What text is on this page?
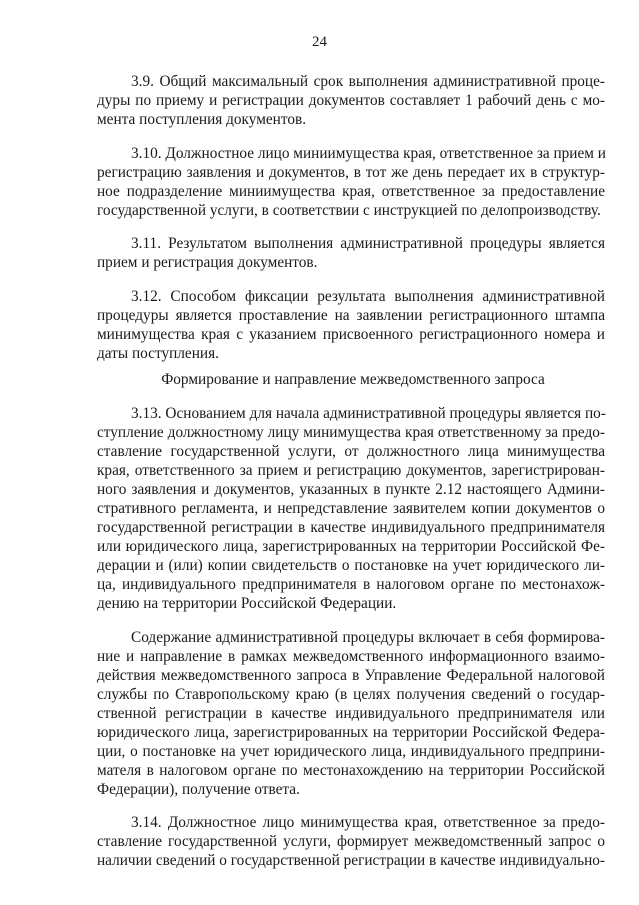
24
3.9. Общий максимальный срок выполнения административной проце-
дуры по приему и регистрации документов составляет 1 рабочий день с мо-
мента поступления документов.
3.10. Должностное лицо миниимущества края, ответственное за прием и
регистрацию заявления и документов, в тот же день передает их в структур-
ное подразделение миниимущества края, ответственное за предоставление
государственной услуги, в соответствии с инструкцией по делопроизводству.
3.11. Результатом выполнения административной процедуры является
прием и регистрация документов.
3.12. Способом фиксации результата выполнения административной
процедуры является проставление на заявлении регистрационного штампа
минимущества края с указанием присвоенного регистрационного номера и
даты поступления.
Формирование и направление межведомственного запроса
3.13. Основанием для начала административной процедуры является по-
ступление должностному лицу минимущества края ответственному за предо-
ставление государственной услуги, от должностного лица минимущества
края, ответственного за прием и регистрацию документов, зарегистрирован-
ного заявления и документов, указанных в пункте 2.12 настоящего Админи-
стративного регламента, и непредставление заявителем копии документов о
государственной регистрации в качестве индивидуального предпринимателя
или юридического лица, зарегистрированных на территории Российской Фе-
дерации и (или) копии свидетельств о постановке на учет юридического ли-
ца, индивидуального предпринимателя в налоговом органе по местонахож-
дению на территории Российской Федерации.
Содержание административной процедуры включает в себя формирова-
ние и направление в рамках межведомственного информационного взаимо-
действия межведомственного запроса в Управление Федеральной налоговой
службы по Ставропольскому краю (в целях получения сведений о государ-
ственной регистрации в качестве индивидуального предпринимателя или
юридического лица, зарегистрированных на территории Российской Федера-
ции, о постановке на учет юридического лица, индивидуального предприни-
мателя в налоговом органе по местонахождению на территории Российской
Федерации), получение ответа.
3.14. Должностное лицо минимущества края, ответственное за предо-
ставление государственной услуги, формирует межведомственный запрос о
наличии сведений о государственной регистрации в качестве индивидуально-
